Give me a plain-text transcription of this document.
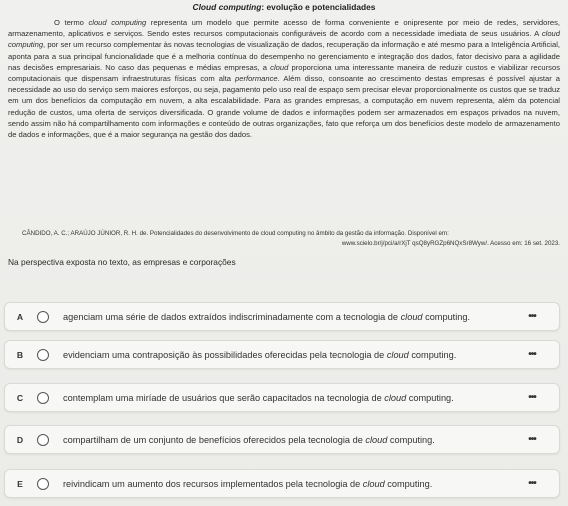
Cloud computing: evolução e potencialidades

O termo cloud computing representa um modelo que permite acesso de forma conveniente e onipresente por meio de redes, servidores, armazenamento, aplicativos e serviços. Sendo estes recursos computacionais configuráveis de acordo com a necessidade imediata de seus usuários. A cloud computing, por ser um recurso complementar às novas tecnologias de visualização de dados, recuperação da informação e até mesmo para a Inteligência Artificial, aponta para a sua principal funcionalidade que é a melhoria contínua do desempenho no gerenciamento e integração dos dados, fator decisivo para a agilidade nas decisões empresariais. No caso das pequenas e médias empresas, a cloud proporciona uma interessante maneira de reduzir custos e viabilizar recursos computacionais que dispensam infraestruturas físicas com alta performance. Além disso, consoante ao crescimento destas empresas é possível ajustar a necessidade ao uso do serviço sem maiores esforços, ou seja, pagamento pelo uso real de espaço sem precisar elevar proporcionalmente os custos que se traduz em um dos benefícios da computação em nuvem, a alta escalabilidade. Para as grandes empresas, a computação em nuvem representa, além da potencial redução de custos, uma oferta de serviços diversificada. O grande volume de dados e informações podem ser armazenados em espaços privados na nuvem, sendo assim não há compartilhamento com informações e conteúdo de outras organizações, fato que reforça um dos benefícios deste modelo de armazenamento de dados e informações, que é a maior segurança na gestão dos dados.

CÂNDIDO, A. C.; ARAÚJO JÚNIOR, R. H. de. Potencialidades do desenvolvimento de cloud computing no âmbito da gestão da informação. Disponível em:
www.scielo.br/j/pci/a/rXjT qsQ8yRGZp6NQxSr8Wyw/. Acesso em: 16 set. 2023.
Na perspectiva exposta no texto, as empresas e corporações
A	agenciam uma série de dados extraídos indiscriminadamente com a tecnologia de cloud computing.	•••
B	evidenciam uma contraposição às possibilidades oferecidas pela tecnologia de cloud computing.	•••
C	contemplam uma miríade de usuários que serão capacitados na tecnologia de cloud computing.	•••
D	compartilham de um conjunto de benefícios oferecidos pela tecnologia de cloud computing.	•••
E	reivindicam um aumento dos recursos implementados pela tecnologia de cloud computing.	•••
